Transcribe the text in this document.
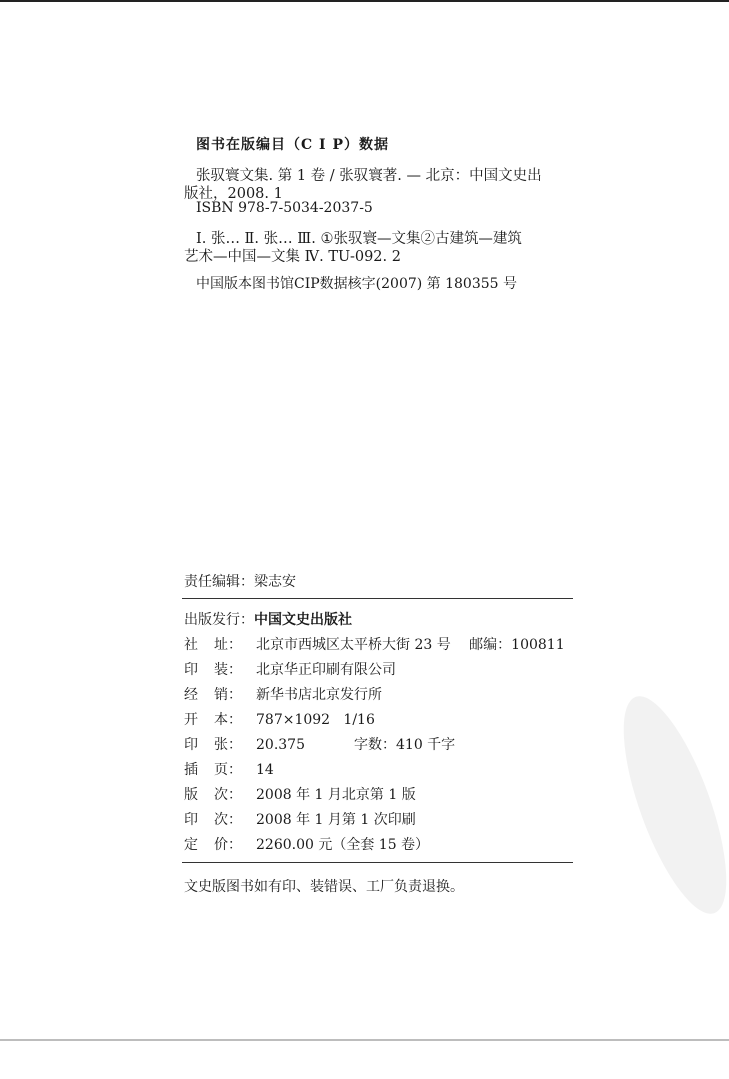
图书在版编目（C I P）数据
张驭寰文集. 第 1 卷 / 张驭寰著. — 北京：中国文史出
版社，2008. 1
ISBN 978-7-5034-2037-5
Ⅰ. 张… Ⅱ. 张… Ⅲ. ①张驭寰—文集②古建筑—建筑
艺术—中国—文集 Ⅳ. TU-092. 2
中国版本图书馆CIP数据核字(2007) 第 180355 号
责任编辑：梁志安
出版发行：中国文史出版社
社 址： 北京市西城区太平桥大街 23 号 邮编：100811
印 装： 北京华正印刷有限公司
经 销： 新华书店北京发行所
开 本： 787×1092   1/16
印 张： 20.375	字数：410 千字
插 页： 14
版 次： 2008 年 1 月北京第 1 版
印 次： 2008 年 1 月第 1 次印刷
定 价： 2260.00 元（全套 15 卷）
文史版图书如有印、装错误、工厂负责退换。
